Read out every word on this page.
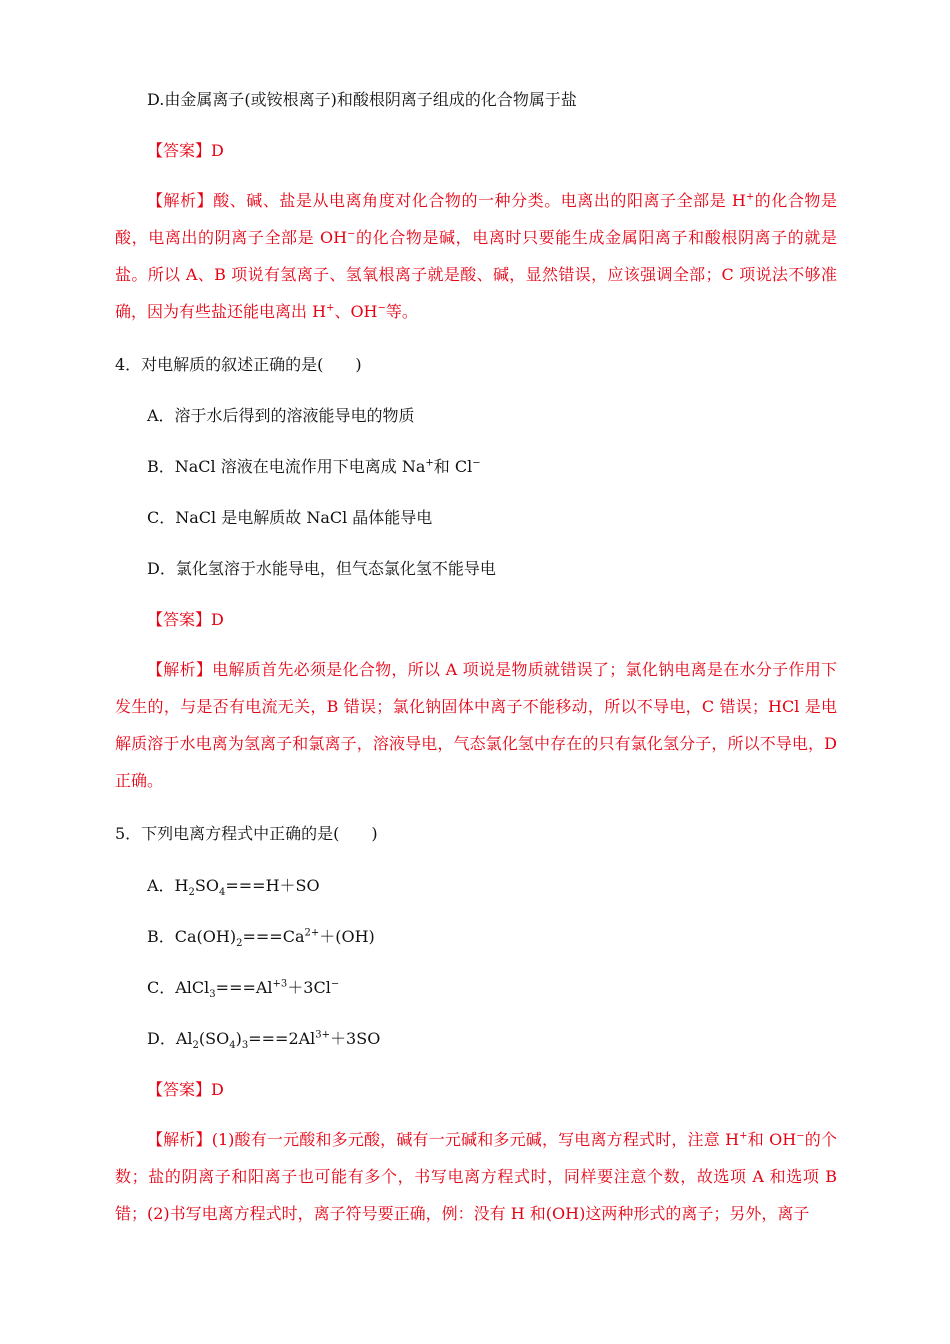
D.由金属离子(或铵根离子)和酸根阴离子组成的化合物属于盐
【答案】D
【解析】酸、碱、盐是从电离角度对化合物的一种分类。电离出的阳离子全部是 H+的化合物是酸，电离出的阴离子全部是 OH−的化合物是碱，电离时只要能生成金属阳离子和酸根阴离子的就是盐。所以 A、B 项说有氢离子、氢氧根离子就是酸、碱，显然错误，应该强调全部；C 项说法不够准确，因为有些盐还能电离出 H+、OH−等。
4．对电解质的叙述正确的是(　　)
A．溶于水后得到的溶液能导电的物质
B．NaCl 溶液在电流作用下电离成 Na+和 Cl−
C．NaCl 是电解质故 NaCl 晶体能导电
D．氯化氢溶于水能导电，但气态氯化氢不能导电
【答案】D
【解析】电解质首先必须是化合物，所以 A 项说是物质就错误了；氯化钠电离是在水分子作用下发生的，与是否有电流无关，B 错误；氯化钠固体中离子不能移动，所以不导电，C 错误；HCl 是电解质溶于水电离为氢离子和氯离子，溶液导电，气态氯化氢中存在的只有氯化氢分子，所以不导电，D 正确。
5．下列电离方程式中正确的是(　　)
A．$H_2SO_4===H+SO$
B．$Ca(OH)_2===Ca^{2+}+(OH)$
C．$AlCl_3===Al^{+3}+3Cl^-$
D．$Al_2(SO_4)_3===2Al^{3+}+3SO$
【答案】D
【解析】(1)酸有一元酸和多元酸，碱有一元碱和多元碱，写电离方程式时，注意 H+和 OH−的个数；盐的阴离子和阳离子也可能有多个，书写电离方程式时，同样要注意个数，故选项 A 和选项 B 错；(2)书写电离方程式时，离子符号要正确，例：没有 H 和(OH)这两种形式的离子；另外，离子
